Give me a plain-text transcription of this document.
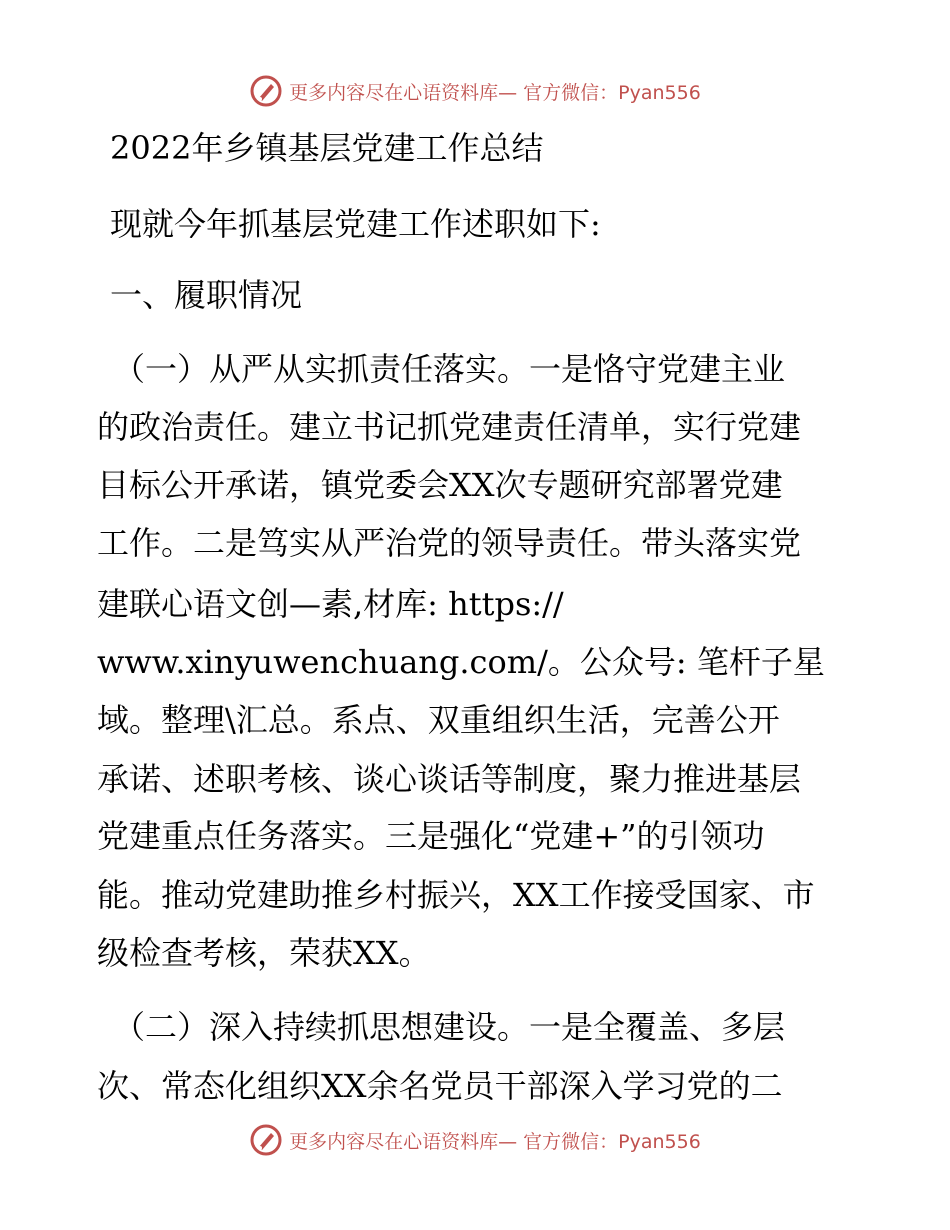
更多内容尽在心语资料库— 官方微信：Pyan556
2022年乡镇基层党建工作总结
现就今年抓基层党建工作述职如下:
一、履职情况
（一）从严从实抓责任落实。一是恪守党建主业
的政治责任。建立书记抓党建责任清单，实行党建
目标公开承诺，镇党委会XX次专题研究部署党建
工作。二是笃实从严治党的领导责任。带头落实党
建联心语文创—素,材库: https://
www.xinyuwenchuang.com/。公众号: 笔杆子星
域。整理\汇总。系点、双重组织生活，完善公开
承诺、述职考核、谈心谈话等制度，聚力推进基层
党建重点任务落实。三是强化“党建+”的引领功
能。推动党建助推乡村振兴，XX工作接受国家、市
级检查考核，荣获XX。
（二）深入持续抓思想建设。一是全覆盖、多层
次、常态化组织XX余名党员干部深入学习党的二
更多内容尽在心语资料库— 官方微信：Pyan556
